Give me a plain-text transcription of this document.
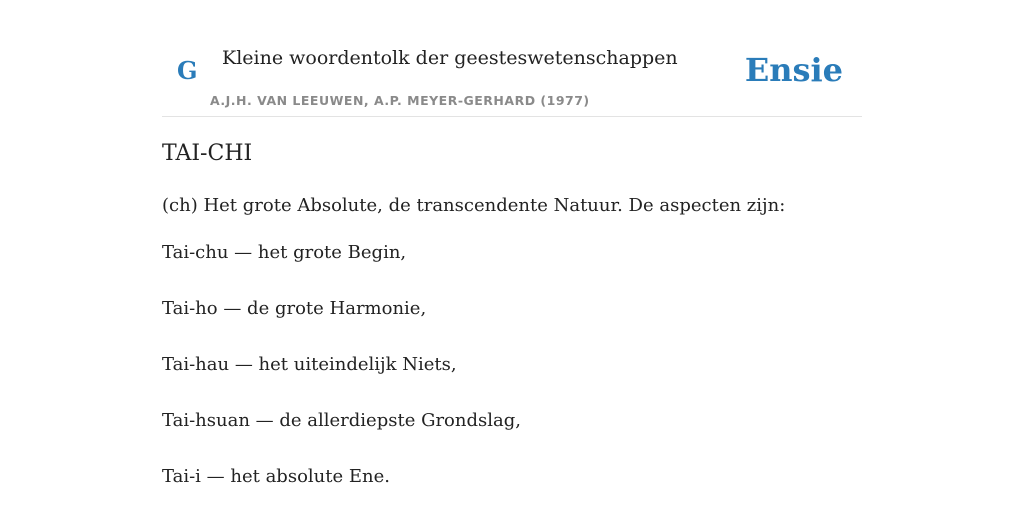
G Kleine woordentolk der geesteswetenschappen
A.J.H. VAN LEEUWEN, A.P. MEYER-GERHARD (1977)
Ensie
TAI-CHI

(ch) Het grote Absolute, de transcendente Natuur. De aspecten zijn:

Tai-chu — het grote Begin,

Tai-ho — de grote Harmonie,

Tai-hau — het uiteindelijk Niets,

Tai-hsuan — de allerdiepste Grondslag,

Tai-i — het absolute Ene.
